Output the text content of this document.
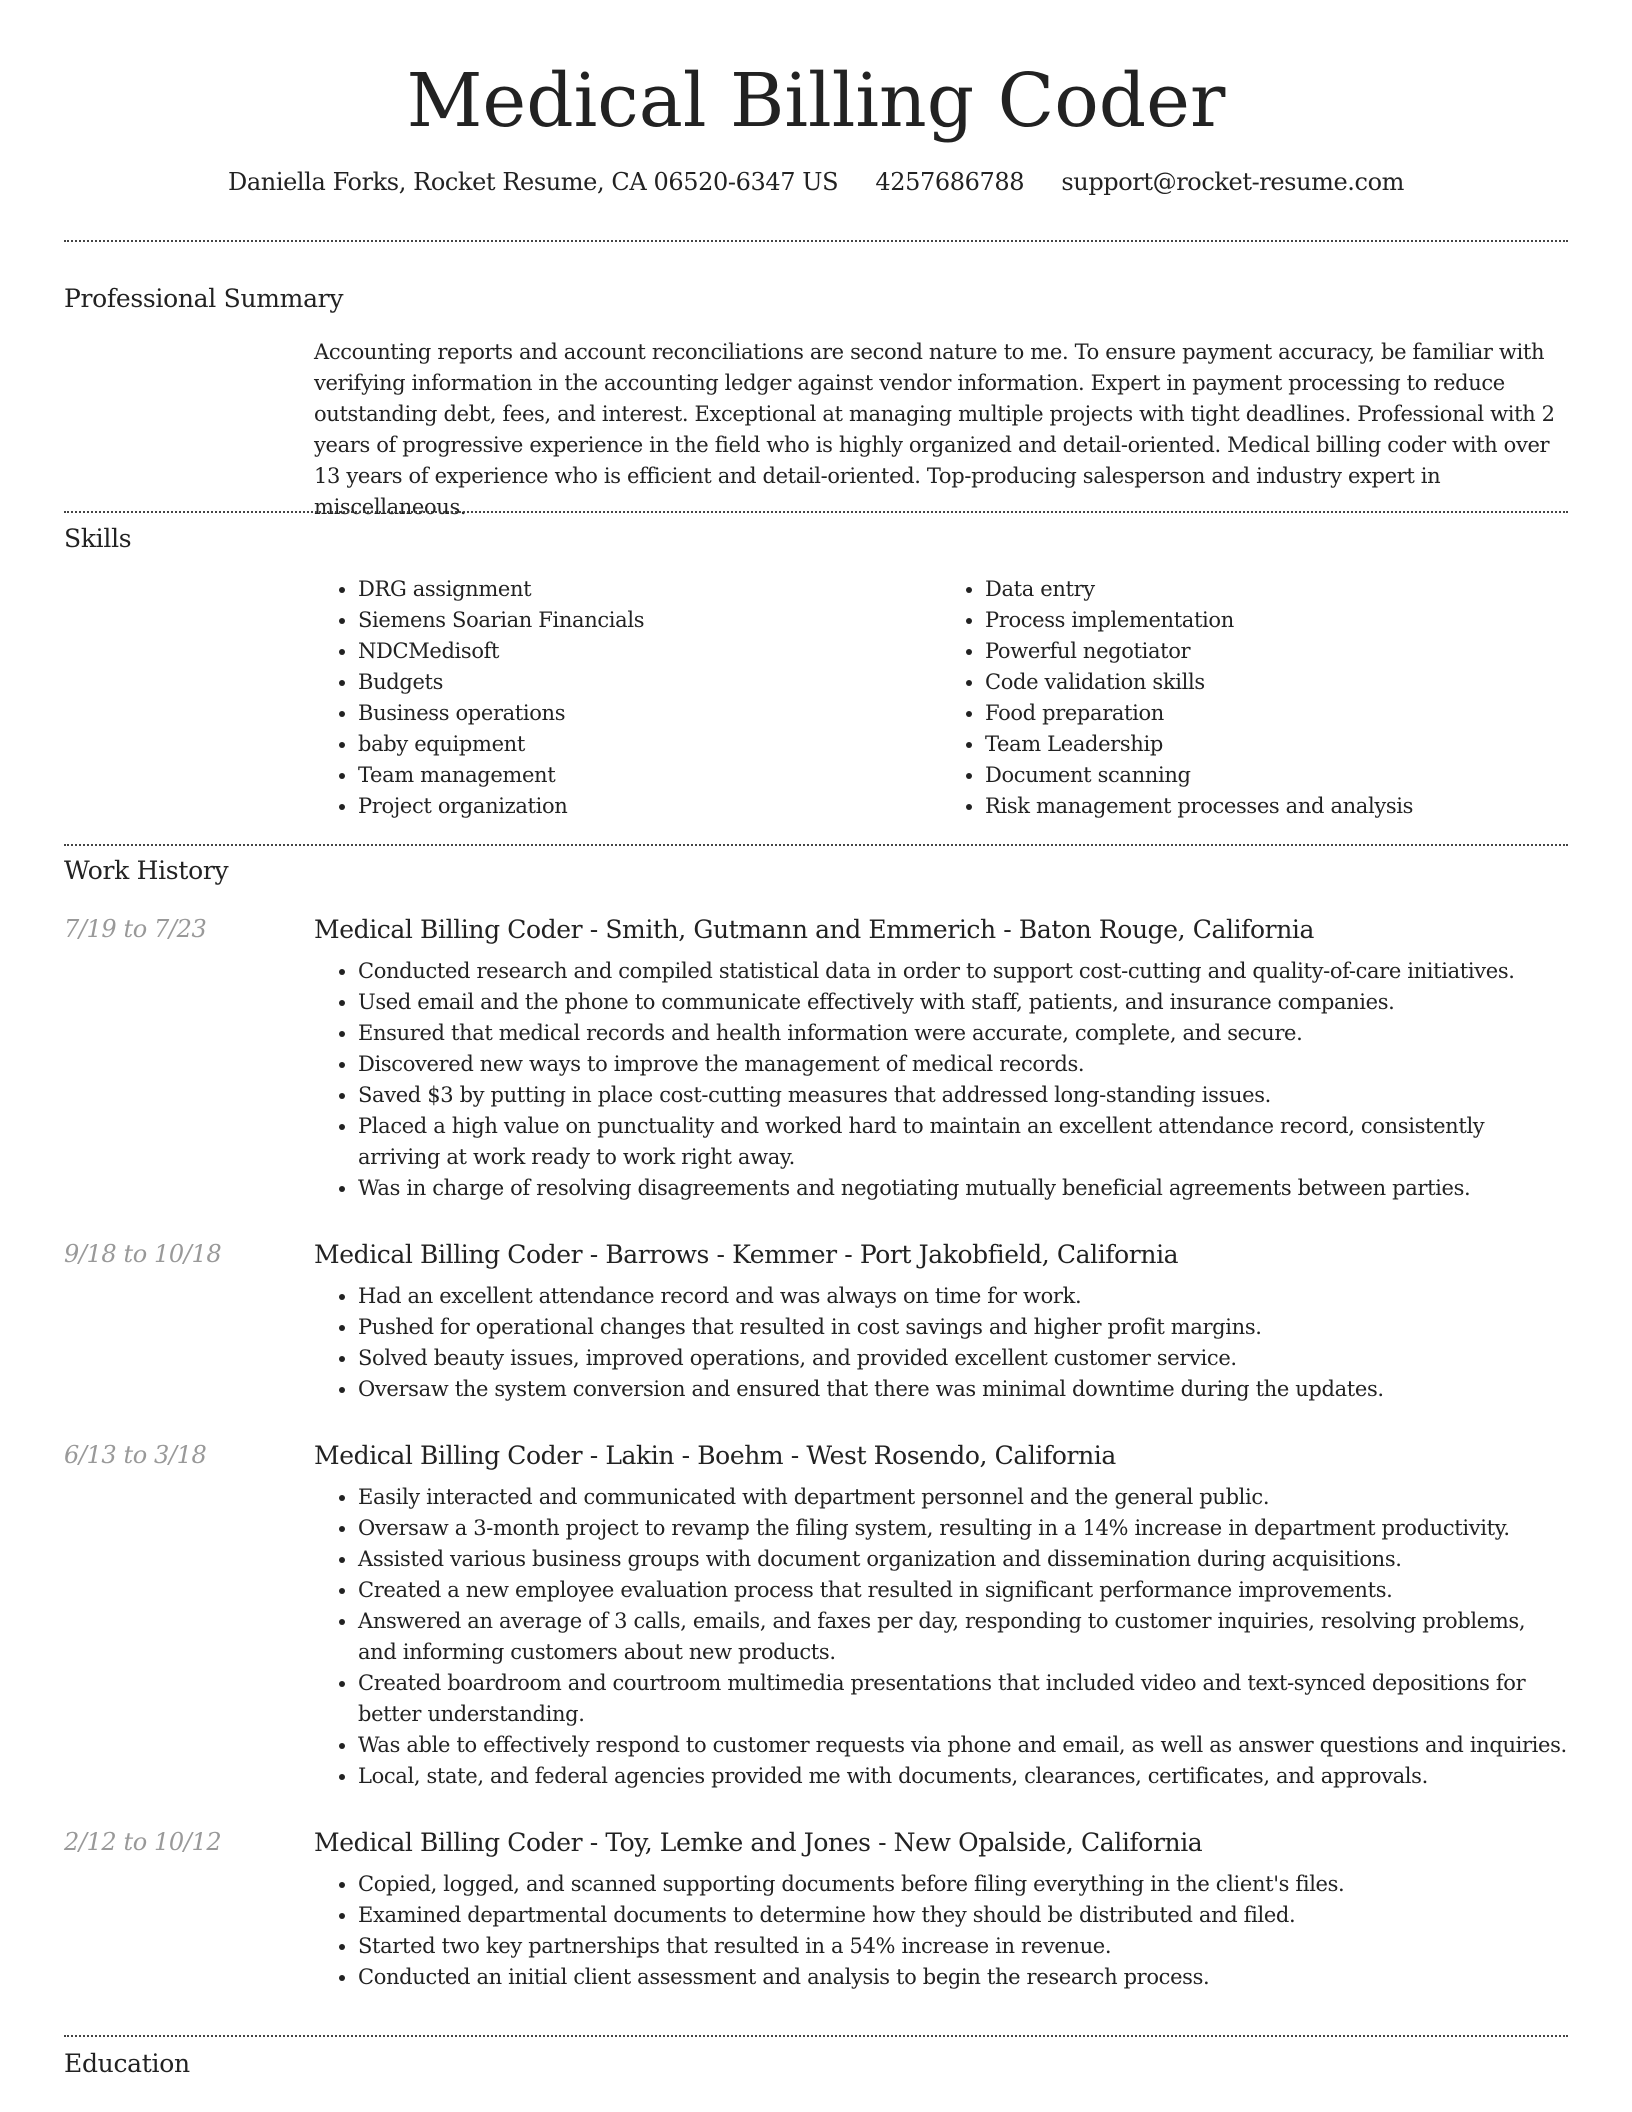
Medical Billing Coder
Daniella Forks, Rocket Resume, CA 06520-6347 US 4257686788 support@rocket-resume.com
Professional Summary

Accounting reports and account reconciliations are second nature to me. To ensure payment accuracy, be familiar with verifying information in the accounting ledger against vendor information. Expert in payment processing to reduce outstanding debt, fees, and interest. Exceptional at managing multiple projects with tight deadlines. Professional with 2 years of progressive experience in the field who is highly organized and detail-oriented. Medical billing coder with over 13 years of experience who is efficient and detail-oriented. Top-producing salesperson and industry expert in miscellaneous.

Skills
• DRG assignment
• Siemens Soarian Financials
• NDCMedisoft
• Budgets
• Business operations
• baby equipment
• Team management
• Project organization
• Data entry
• Process implementation
• Powerful negotiator
• Code validation skills
• Food preparation
• Team Leadership
• Document scanning
• Risk management processes and analysis
Work History
7/19 to 7/23	Medical Billing Coder - Smith, Gutmann and Emmerich - Baton Rouge, California
• Conducted research and compiled statistical data in order to support cost-cutting and quality-of-care initiatives.
• Used email and the phone to communicate effectively with staff, patients, and insurance companies.
• Ensured that medical records and health information were accurate, complete, and secure.
• Discovered new ways to improve the management of medical records.
• Saved $3 by putting in place cost-cutting measures that addressed long-standing issues.
• Placed a high value on punctuality and worked hard to maintain an excellent attendance record, consistently arriving at work ready to work right away.
• Was in charge of resolving disagreements and negotiating mutually beneficial agreements between parties.
9/18 to 10/18	Medical Billing Coder - Barrows - Kemmer - Port Jakobfield, California
• Had an excellent attendance record and was always on time for work.
• Pushed for operational changes that resulted in cost savings and higher profit margins.
• Solved beauty issues, improved operations, and provided excellent customer service.
• Oversaw the system conversion and ensured that there was minimal downtime during the updates.
6/13 to 3/18	Medical Billing Coder - Lakin - Boehm - West Rosendo, California
• Easily interacted and communicated with department personnel and the general public.
• Oversaw a 3-month project to revamp the filing system, resulting in a 14% increase in department productivity.
• Assisted various business groups with document organization and dissemination during acquisitions.
• Created a new employee evaluation process that resulted in significant performance improvements.
• Answered an average of 3 calls, emails, and faxes per day, responding to customer inquiries, resolving problems, and informing customers about new products.
• Created boardroom and courtroom multimedia presentations that included video and text-synced depositions for better understanding.
• Was able to effectively respond to customer requests via phone and email, as well as answer questions and inquiries.
• Local, state, and federal agencies provided me with documents, clearances, certificates, and approvals.
2/12 to 10/12	Medical Billing Coder - Toy, Lemke and Jones - New Opalside, California
• Copied, logged, and scanned supporting documents before filing everything in the client's files.
• Examined departmental documents to determine how they should be distributed and filed.
• Started two key partnerships that resulted in a 54% increase in revenue.
• Conducted an initial client assessment and analysis to begin the research process.
Education
